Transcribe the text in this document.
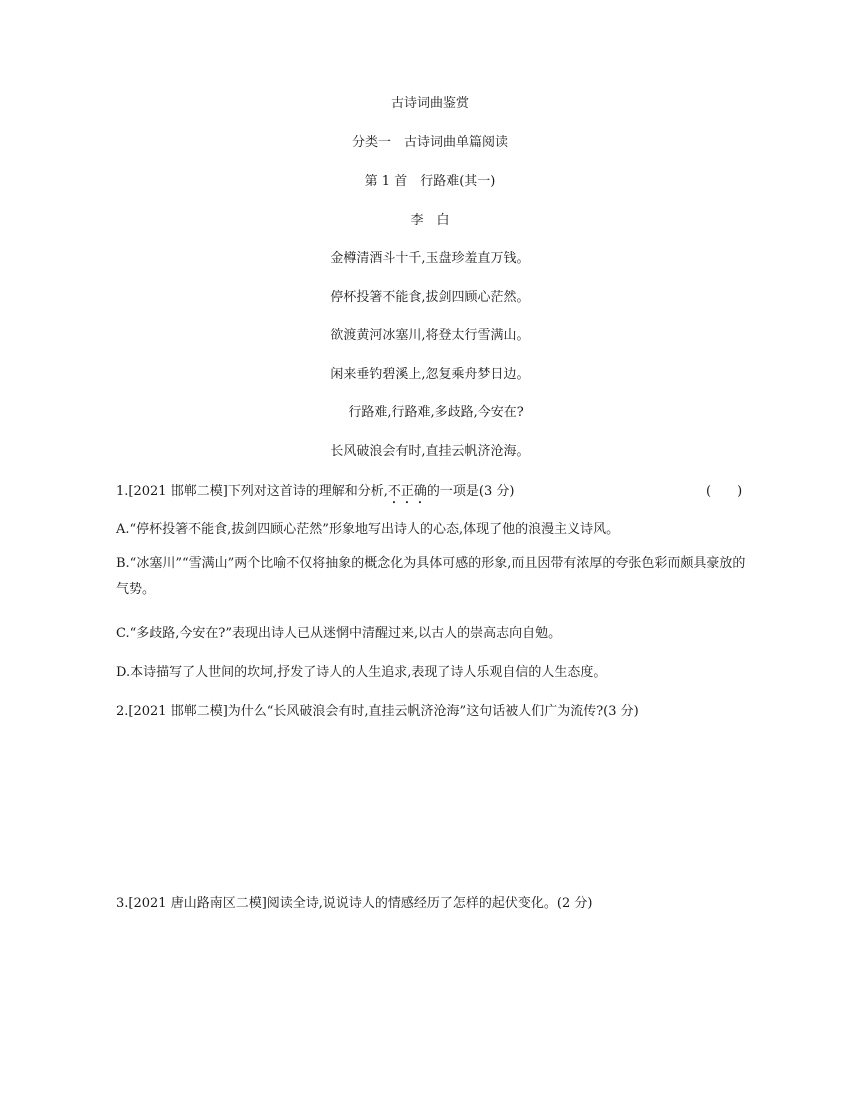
古诗词曲鉴赏
分类一　古诗词曲单篇阅读
第 1 首　行路难(其一)
李　白
金樽清酒斗十千,玉盘珍羞直万钱。
停杯投箸不能食,拔剑四顾心茫然。
欲渡黄河冰塞川,将登太行雪满山。
闲来垂钓碧溪上,忽复乘舟梦日边。
行路难,行路难,多歧路,今安在?
长风破浪会有时,直挂云帆济沧海。
1.[2021 邯郸二模]下列对这首诗的理解和分析,不正确的一项是(3 分)	(　　)
A.“停杯投箸不能食,拔剑四顾心茫然”形象地写出诗人的心态,体现了他的浪漫主义诗风。
B.“冰塞川”“雪满山”两个比喻不仅将抽象的概念化为具体可感的形象,而且因带有浓厚的夸张色彩而颇具豪放的气势。
C.“多歧路,今安在?”表现出诗人已从迷惘中清醒过来,以古人的崇高志向自勉。
D.本诗描写了人世间的坎坷,抒发了诗人的人生追求,表现了诗人乐观自信的人生态度。
2.[2021 邯郸二模]为什么“长风破浪会有时,直挂云帆济沧海”这句话被人们广为流传?(3 分)
3.[2021 唐山路南区二模]阅读全诗,说说诗人的情感经历了怎样的起伏变化。(2 分)
